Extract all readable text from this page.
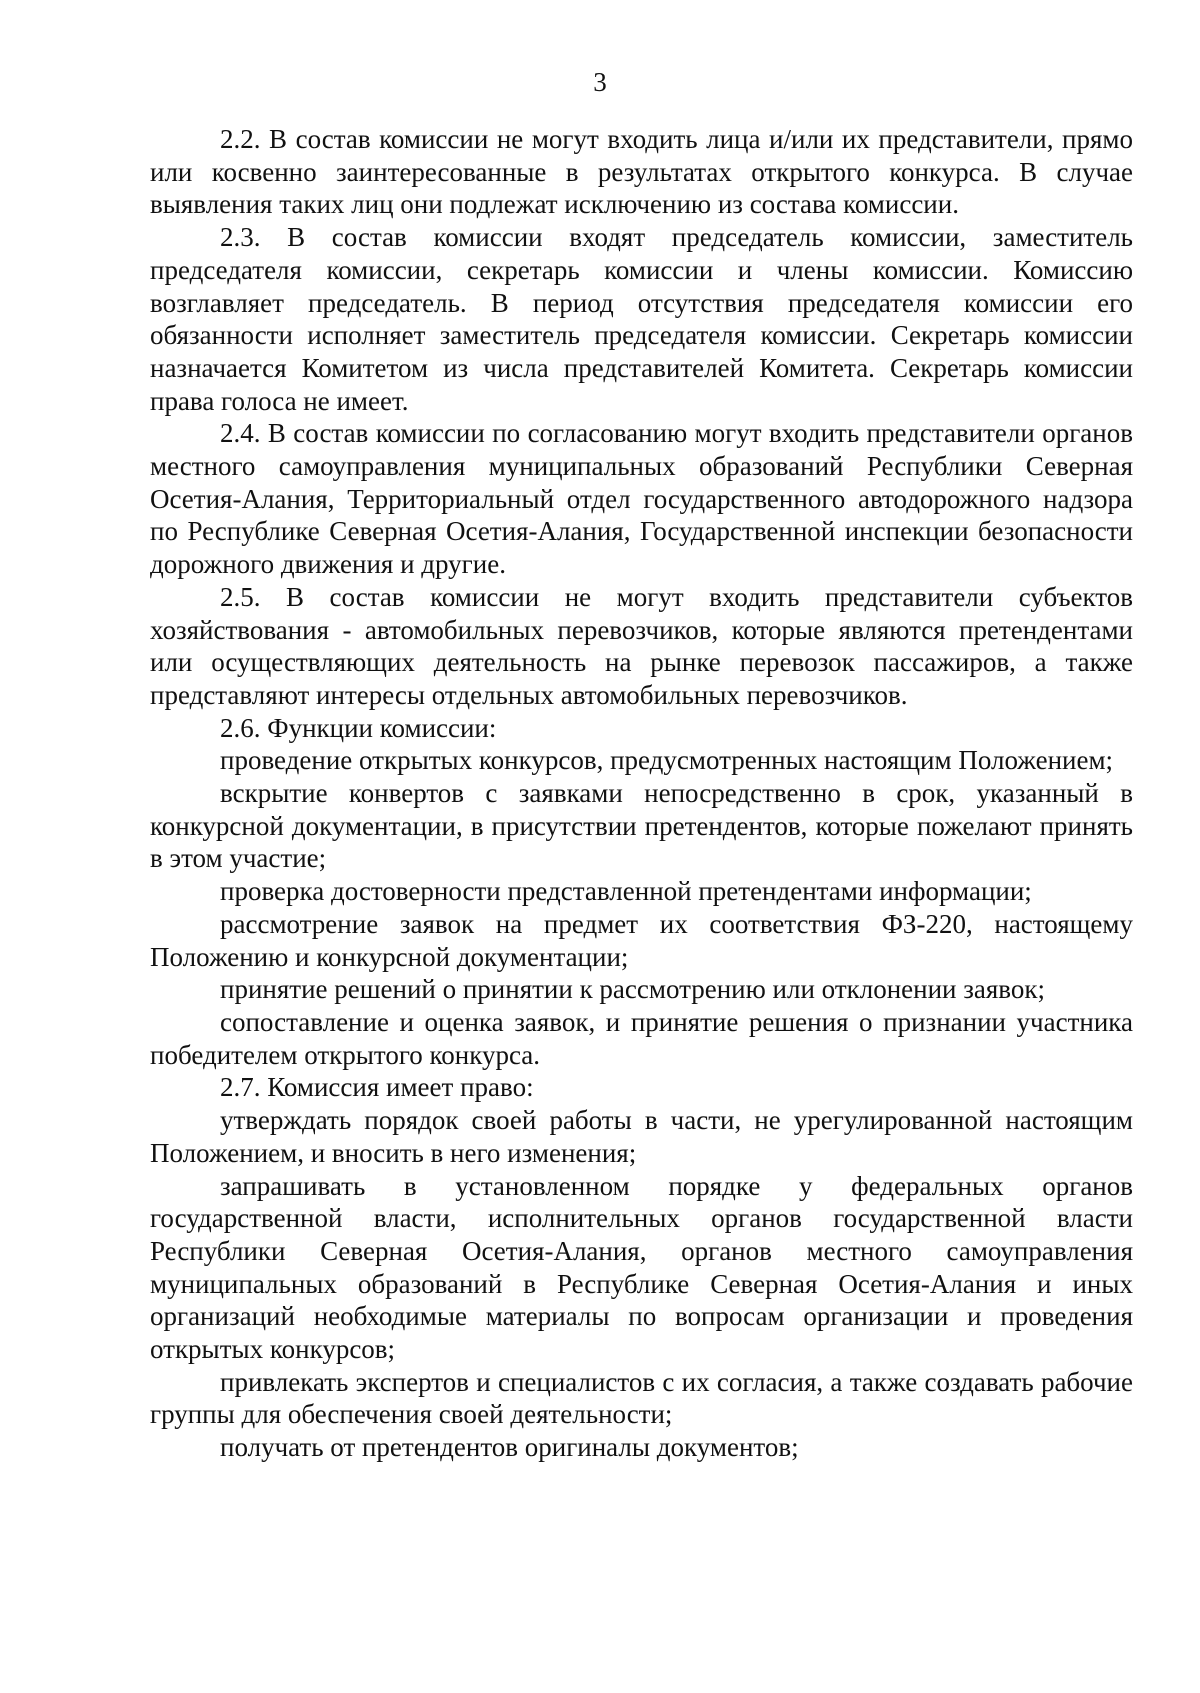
3

2.2. В состав комиссии не могут входить лица и/или их представители, прямо или косвенно заинтересованные в результатах открытого конкурса. В случае выявления таких лиц они подлежат исключению из состава комиссии.

2.3. В состав комиссии входят председатель комиссии, заместитель председателя комиссии, секретарь комиссии и члены комиссии. Комиссию возглавляет председатель. В период отсутствия председателя комиссии его обязанности исполняет заместитель председателя комиссии. Секретарь комиссии назначается Комитетом из числа представителей Комитета. Секретарь комиссии права голоса не имеет.

2.4. В состав комиссии по согласованию могут входить представители органов местного самоуправления муниципальных образований Республики Северная Осетия-Алания, Территориальный отдел государственного автодорожного надзора по Республике Северная Осетия-Алания, Государственной инспекции безопасности дорожного движения и другие.

2.5. В состав комиссии не могут входить представители субъектов хозяйствования - автомобильных перевозчиков, которые являются претендентами или осуществляющих деятельность на рынке перевозок пассажиров, а также представляют интересы отдельных автомобильных перевозчиков.

2.6. Функции комиссии:

проведение открытых конкурсов, предусмотренных настоящим Положением;

вскрытие конвертов с заявками непосредственно в срок, указанный в конкурсной документации, в присутствии претендентов, которые пожелают принять в этом участие;

проверка достоверности представленной претендентами информации;

рассмотрение заявок на предмет их соответствия ФЗ-220, настоящему Положению и конкурсной документации;

принятие решений о принятии к рассмотрению или отклонении заявок;

сопоставление и оценка заявок, и принятие решения о признании участника победителем открытого конкурса.

2.7. Комиссия имеет право:

утверждать порядок своей работы в части, не урегулированной настоящим Положением, и вносить в него изменения;

запрашивать в установленном порядке у федеральных органов государственной власти, исполнительных органов государственной власти Республики Северная Осетия-Алания, органов местного самоуправления муниципальных образований в Республике Северная Осетия-Алания и иных организаций необходимые материалы по вопросам организации и проведения открытых конкурсов;

привлекать экспертов и специалистов с их согласия, а также создавать рабочие группы для обеспечения своей деятельности;

получать от претендентов оригиналы документов;
